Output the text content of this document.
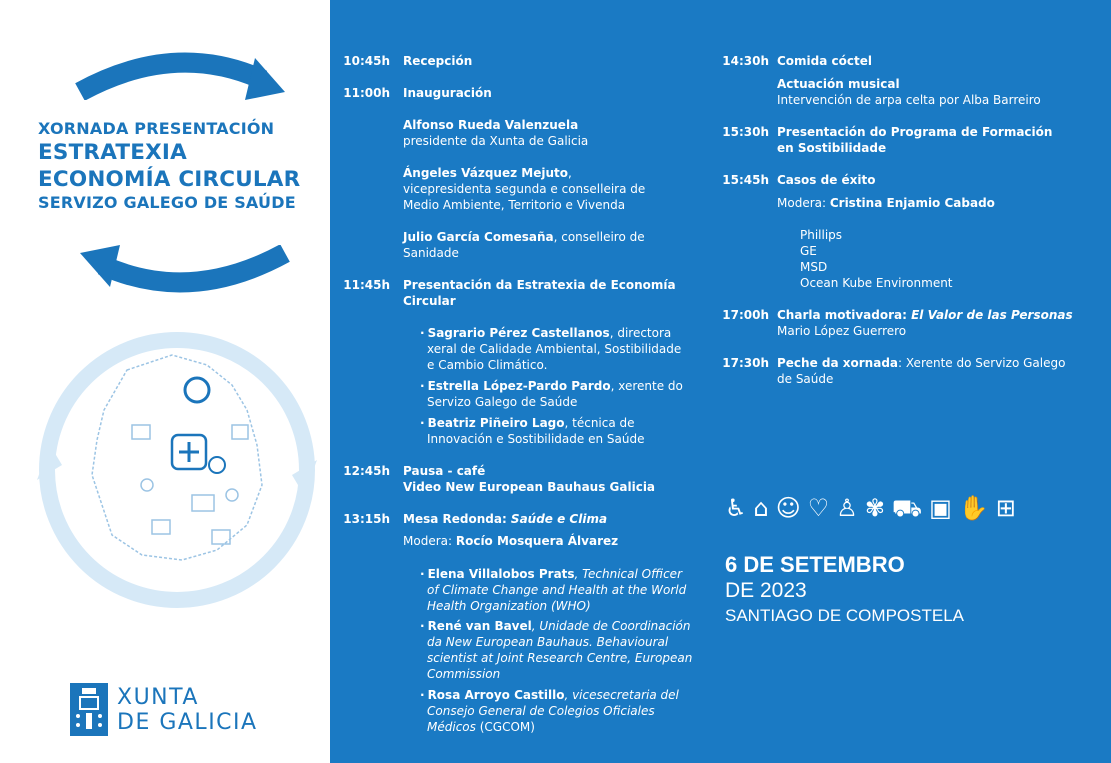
XORNADA PRESENTACIÓN
ESTRATEXIA
ECONOMÍA CIRCULAR
SERVIZO GALEGO DE SAÚDE
XUNTA
DE GALICIA
10:45h Recepción
11:00h Inauguración
Alfonso Rueda Valenzuela
presidente da Xunta de Galicia
Ángeles Vázquez Mejuto,
vicepresidenta segunda e conselleira de
Medio Ambiente, Territorio e Vivenda
Julio García Comesaña, conselleiro de
Sanidade
11:45h Presentación da Estratexia de Economía
Circular
· Sagrario Pérez Castellanos, directora
xeral de Calidade Ambiental, Sostibilidade
e Cambio Climático.
· Estrella López-Pardo Pardo, xerente do
Servizo Galego de Saúde
· Beatriz Piñeiro Lago, técnica de
Innovación e Sostibilidade en Saúde
12:45h Pausa - café
Video New European Bauhaus Galicia
13:15h Mesa Redonda: Saúde e Clima
Modera: Rocío Mosquera Álvarez
· Elena Villalobos Prats, Technical Officer
of Climate Change and Health at the World
Health Organization (WHO)
· René van Bavel, Unidade de Coordinación
da New European Bauhaus. Behavioural
scientist at Joint Research Centre, European
Commission
· Rosa Arroyo Castillo, vicesecretaria del
Consejo General de Colegios Oficiales
Médicos (CGCOM)
14:30h Comida cóctel
Actuación musical
Intervención de arpa celta por Alba Barreiro
15:30h Presentación do Programa de Formación
en Sostibilidade
15:45h Casos de éxito
Modera: Cristina Enjamio Cabado
Phillips
GE
MSD
Ocean Kube Environment
17:00h Charla motivadora: El Valor de las Personas
Mario López Guerrero
17:30h Peche da xornada: Xerente do Servizo Galego
de Saúde
♿ ⌂ ☺ ♡ ♙ ✾ ⛟ ▣ ✋ ⊞
6 DE SETEMBRO
DE 2023
SANTIAGO DE COMPOSTELA
